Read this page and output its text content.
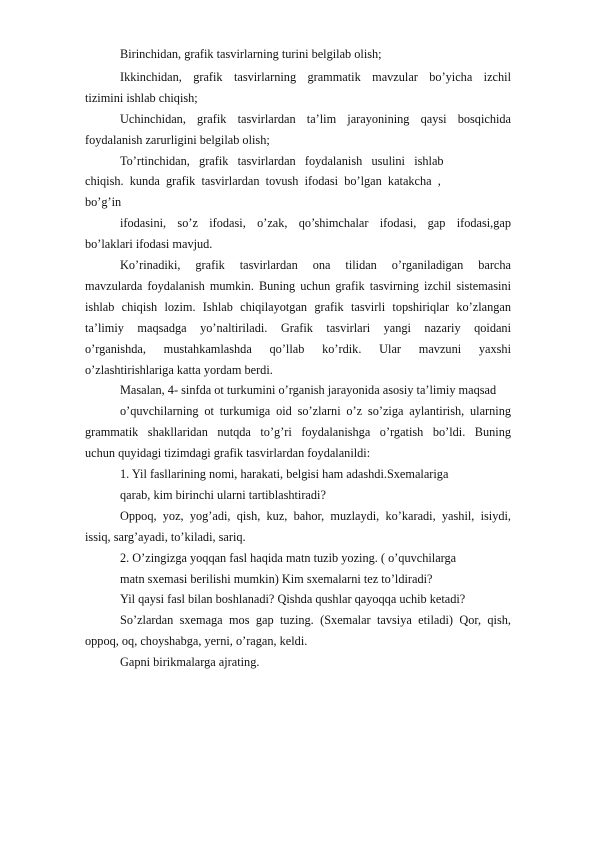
Birinchidan, grafik tasvirlarning turini belgilab olish;
Ikkinchidan, grafik tasvirlarning grammatik mavzular bo’yicha izchil
tizimini ishlab chiqish;
Uchinchidan, grafik tasvirlardan ta’lim jarayonining qaysi bosqichida
foydalanish zarurligini belgilab olish;
To’rtinchidan,   grafik   tasvirlardan   foydalanish   usulini   ishlab
chiqish.  kunda  grafik  tasvirlardan  tovush  ifodasi  bo’lgan  katakcha  ,
bo’g’in
ifodasini, so’z ifodasi, o’zak, qo’shimchalar ifodasi, gap ifodasi,gap
bo’laklari ifodasi mavjud.
Ko’rinadiki, grafik tasvirlardan ona tilidan o’rganiladigan barcha
mavzularda foydalanish mumkin. Buning uchun grafik tasvirning izchil sistemasini
ishlab chiqish lozim. Ishlab chiqilayotgan grafik tasvirli topshiriqlar ko’zlangan
ta’limiy maqsadga yo’naltiriladi. Grafik tasvirlari yangi nazariy qoidani
o’rganishda, mustahkamlashda qo’llab ko’rdik. Ular mavzuni yaxshi
o’zlashtirishlariga katta yordam berdi.
Masalan, 4- sinfda ot turkumini o’rganish jarayonida asosiy ta’limiy maqsad
o’quvchilarning ot turkumiga oid so’zlarni o’z so’ziga aylantirish, ularning
grammatik shakllaridan nutqda to’g’ri foydalanishga o’rgatish bo’ldi. Buning
uchun quyidagi tizimdagi grafik tasvirlardan foydalanildi:
1. Yil fasllarining nomi, harakati, belgisi ham adashdi.Sxemalariga
qarab, kim birinchi ularni tartiblashtiradi?
Oppoq, yoz, yog’adi, qish, kuz, bahor, muzlaydi, ko’karadi, yashil, isiydi,
issiq, sarg’ayadi, to’kiladi, sariq.
2. O’zingizga yoqqan fasl haqida matn tuzib yozing. ( o’quvchilarga
matn sxemasi berilishi mumkin) Kim sxemalarni tez to’ldiradi?
Yil qaysi fasl bilan boshlanadi? Qishda qushlar qayoqqa uchib ketadi?
So’zlardan sxemaga mos gap tuzing. (Sxemalar tavsiya etiladi) Qor, qish,
oppoq, oq, choyshabga, yerni, o’ragan, keldi.
Gapni birikmalarga ajrating.
